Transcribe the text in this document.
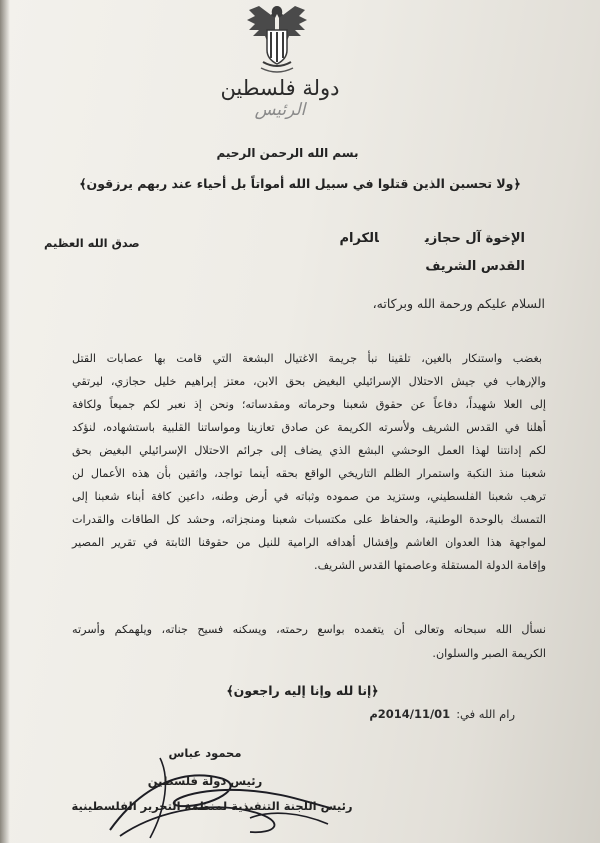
دولة فلسطين
الرئيس
بسم الله الرحمن الرحيم
﴿ولا تحسبن الذين قتلوا في سبيل الله أمواتاً بل أحياء عند ربهم يرزقون﴾
صدق الله العظيم	الإخوة آل حجازيالكرام
القدس الشريف
السلام عليكم ورحمة الله وبركاته،
بغضب واستنكار بالغين، تلقينا نبأ جريمة الاغتيال البشعة التي قامت بها عصابات القتل
والإرهاب في جيش الاحتلال الإسرائيلي البغيض بحق الابن، معتز إبراهيم خليل حجازي، ليرتقي
إلى العلا شهيداً، دفاعاً عن حقوق شعبنا وحرماته ومقدساته؛ ونحن إذ نعبر لكم جميعاً ولكافة
أهلنا في القدس الشريف ولأسرته الكريمة عن صادق تعازينا ومواساتنا القلبية باستشهاده، لنؤكد
لكم إدانتنا لهذا العمل الوحشي البشع الذي يضاف إلى جرائم الاحتلال الإسرائيلي البغيض بحق
شعبنا منذ النكبة واستمرار الظلم التاريخي الواقع بحقه أينما تواجد، واثقين بأن هذه الأعمال لن
ترهب شعبنا الفلسطيني، وستزيد من صموده وثباته في أرض وطنه، داعين كافة أبناء شعبنا إلى
التمسك بالوحدة الوطنية، والحفاظ على مكتسبات شعبنا ومنجزاته، وحشد كل الطاقات والقدرات
لمواجهة هذا العدوان الغاشم وإفشال أهدافه الرامية للنيل من حقوقنا الثابتة في تقرير المصير
وإقامة الدولة المستقلة وعاصمتها القدس الشريف.
نسأل الله سبحانه وتعالى أن يتغمده بواسع رحمته، ويسكنه فسيح جناته، ويلهمكم وأسرته
الكريمة الصبر والسلوان.
﴿إنا لله وإنا إليه راجعون﴾
رام الله في:2014/11/01م
محمود عباس
رئيس دولة فلسطين
رئيس اللجنة التنفيذية لمنظمة التحرير الفلسطينية
